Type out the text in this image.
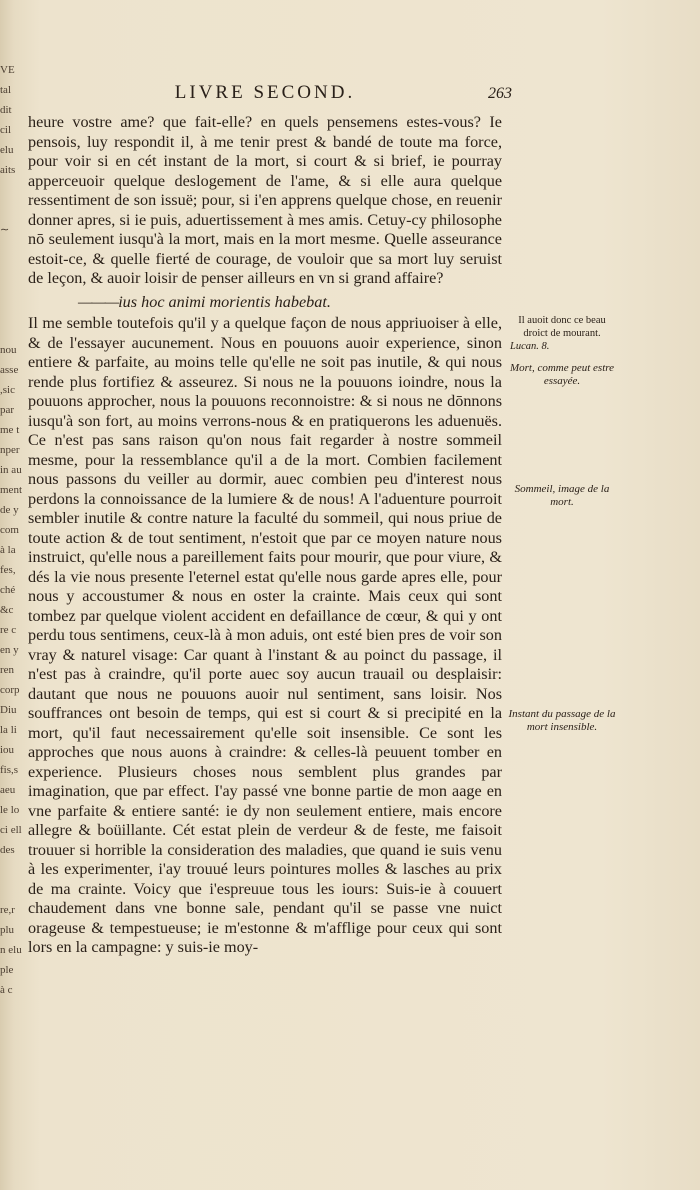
VE
tal
dit
cil
elu
aits
∼
nou
asse
,sic
par
me t
nper
in au
ment
de y
com
à la
fes,
ché
&c
re c
en y
ren
corp
Diu
la li
iou
fis,s
aeu
le lo
ci ell
des
re,r
plu
n elu
ple
à c
LIVRE SECOND.	263

heure vostre ame? que fait-elle? en quels pensemens estes-vous? Ie pensois, luy respondit il, à me tenir prest & bandé de toute ma force, pour voir si en cét instant de la mort, si court & si brief, ie pourray apperceuoir quelque deslogement de l'ame, & si elle aura quelque ressentiment de son issuë; pour, si i'en apprens quelque chose, en reuenir donner apres, si ie puis, aduertissement à mes amis. Cetuy-cy philosophe nō seulement iusqu'à la mort, mais en la mort mesme. Quelle asseurance estoit-ce, & quelle fierté de courage, de vouloir que sa mort luy seruist de leçon, & auoir loisir de penser ailleurs en vn si grand affaire?

———ius hoc animi morientis habebat.

Il me semble toutefois qu'il y a quelque façon de nous appriuoiser à elle, & de l'essayer aucunement. Nous en pouuons auoir experience, sinon entiere & parfaite, au moins telle qu'elle ne soit pas inutile, & qui nous rende plus fortifiez & asseurez. Si nous ne la pouuons ioindre, nous la pouuons approcher, nous la pouuons reconnoistre: & si nous ne dōnnons iusqu'à son fort, au moins verrons-nous & en pratiquerons les aduenuës. Ce n'est pas sans raison qu'on nous fait regarder à nostre sommeil mesme, pour la ressemblance qu'il a de la mort. Combien facilement nous passons du veiller au dormir, auec combien peu d'interest nous perdons la connoissance de la lumiere & de nous! A l'aduenture pourroit sembler inutile & contre nature la faculté du sommeil, qui nous priue de toute action & de tout sentiment, n'estoit que par ce moyen nature nous instruict, qu'elle nous a pareillement faits pour mourir, que pour viure, & dés la vie nous presente l'eternel estat qu'elle nous garde apres elle, pour nous y accoustumer & nous en oster la crainte. Mais ceux qui sont tombez par quelque violent accident en defaillance de cœur, & qui y ont perdu tous sentimens, ceux-là à mon aduis, ont esté bien pres de voir son vray & naturel visage: Car quant à l'instant & au poinct du passage, il n'est pas à craindre, qu'il porte auec soy aucun trauail ou desplaisir: dautant que nous ne pouuons auoir nul sentiment, sans loisir. Nos souffrances ont besoin de temps, qui est si court & si precipité en la mort, qu'il faut necessairement qu'elle soit insensible. Ce sont les approches que nous auons à craindre: & celles-là peuuent tomber en experience. Plusieurs choses nous semblent plus grandes par imagination, que par effect. I'ay passé vne bonne partie de mon aage en vne parfaite & entiere santé: ie dy non seulement entiere, mais encore allegre & boüillante. Cét estat plein de verdeur & de feste, me faisoit trouuer si horrible la consideration des maladies, que quand ie suis venu à les experimenter, i'ay trouué leurs pointures molles & lasches au prix de ma crainte. Voicy que i'espreuue tous les iours: Suis-ie à couuert chaudement dans vne bonne sale, pendant qu'il se passe vne nuict orageuse & tempestueuse; ie m'estonne & m'afflige pour ceux qui sont lors en la campagne: y suis-ie moy-

Il auoit donc ce beau droict de mourant.
Lucan. 8.
Mort, comme peut estre essayée.
Sommeil, image de la mort.
Instant du passage de la mort insensible.
